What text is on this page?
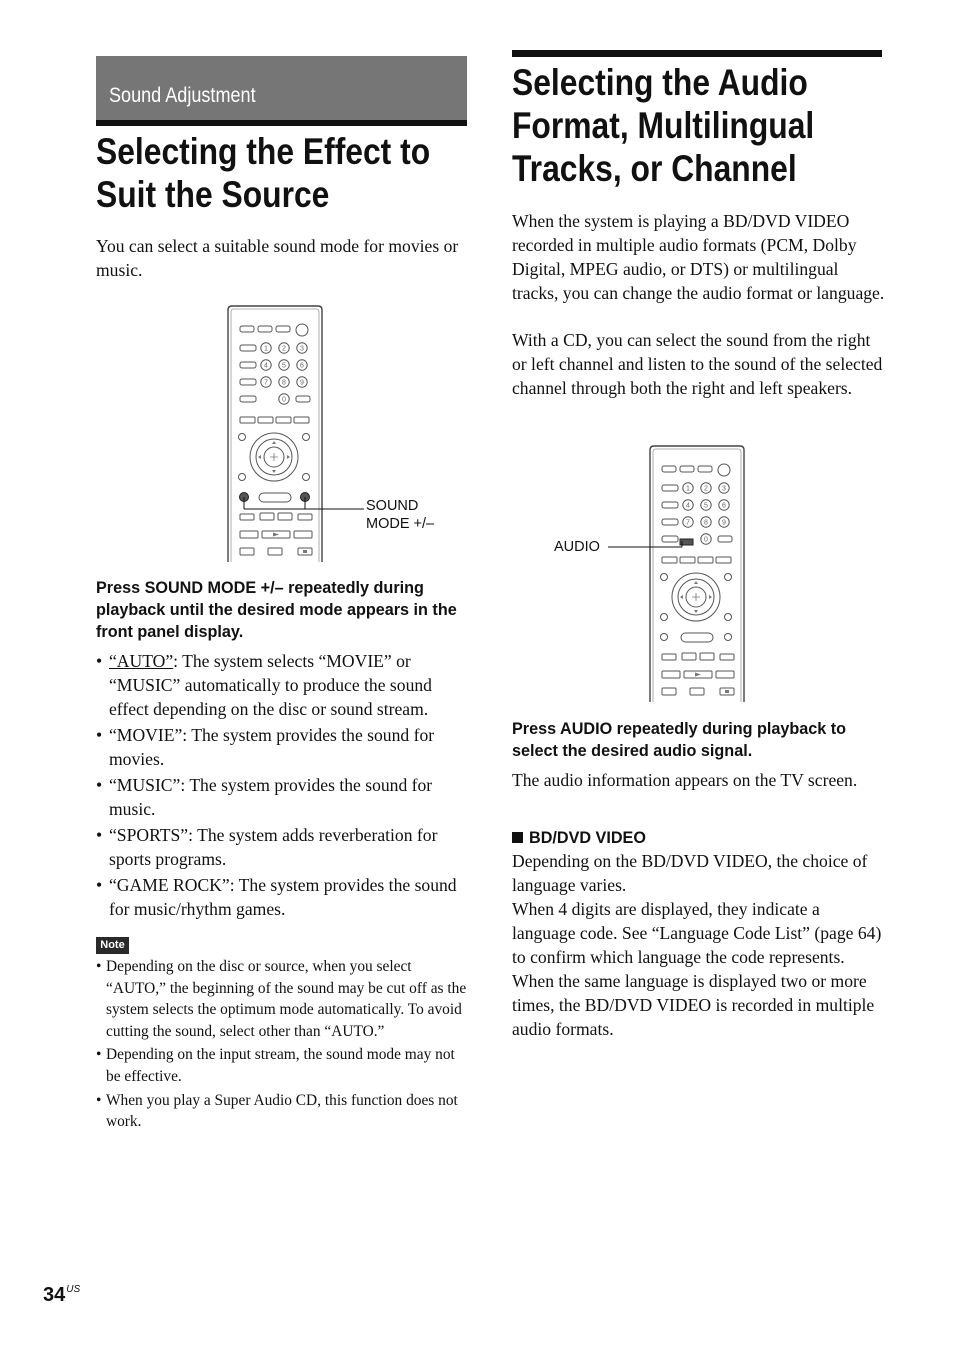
Sound Adjustment
Selecting the Effect to
Suit the Source

You can select a suitable sound mode for movies or music.

1 2 3
4 5 6
7 8 9
0
SOUND
MODE +/–

Press SOUND MODE +/– repeatedly during playback until the desired mode appears in the front panel display.

• “AUTO”: The system selects “MOVIE” or “MUSIC” automatically to produce the sound effect depending on the disc or sound stream.
• “MOVIE”: The system provides the sound for movies.
• “MUSIC”: The system provides the sound for music.
• “SPORTS”: The system adds reverberation for sports programs.
• “GAME ROCK”: The system provides the sound for music/rhythm games.
Note
• Depending on the disc or source, when you select “AUTO,” the beginning of the sound may be cut off as the system selects the optimum mode automatically. To avoid cutting the sound, select other than “AUTO.”
• Depending on the input stream, the sound mode may not be effective.
• When you play a Super Audio CD, this function does not work.
Selecting the Audio
Format, Multilingual
Tracks, or Channel

When the system is playing a BD/DVD VIDEO recorded in multiple audio formats (PCM, Dolby Digital, MPEG audio, or DTS) or multilingual tracks, you can change the audio format or language.

With a CD, you can select the sound from the right or left channel and listen to the sound of the selected channel through both the right and left speakers.

1 2 3
4 5 6
7 8 9
0
AUDIO

Press AUDIO repeatedly during playback to select the desired audio signal.

The audio information appears on the TV screen.

BD/DVD VIDEO

Depending on the BD/DVD VIDEO, the choice of language varies.

When 4 digits are displayed, they indicate a language code. See “Language Code List” (page 64) to confirm which language the code represents. When the same language is displayed two or more times, the BD/DVD VIDEO is recorded in multiple audio formats.

$34^{US}$
